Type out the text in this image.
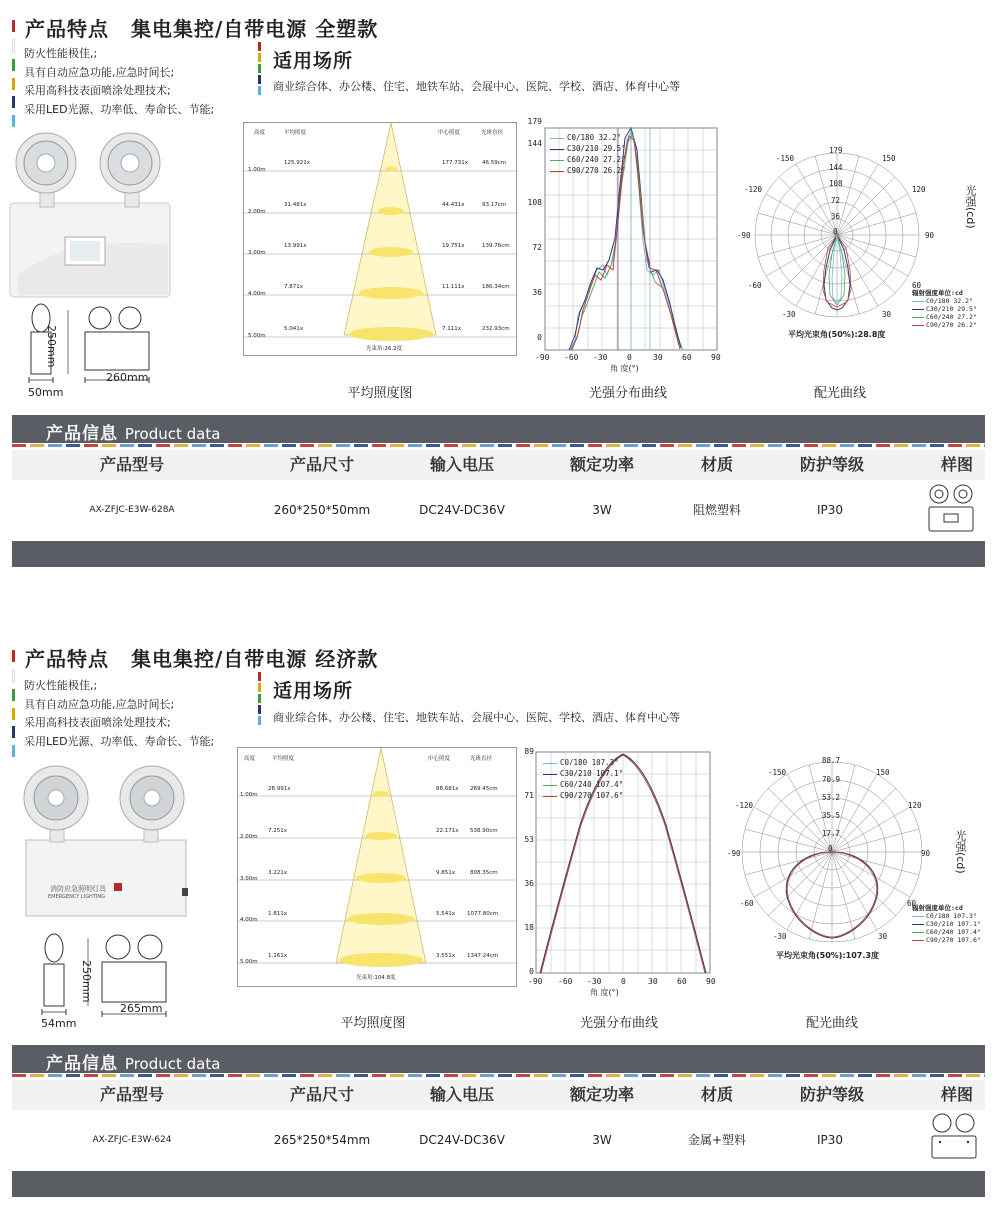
产品特点 集电集控/自带电源 全塑款
防火性能极佳,;
具有自动应急功能,应急时间长;
采用高科技表面喷涂处理技术;
采用LED光源、功率低、寿命长、节能;
适用场所
商业综合体、办公楼、住宅、地铁车站、会展中心、医院、学校、酒店、体育中心等
250mm
260mm
50mm
高度	平均照度	中心照度	光斑直径
1.00m
125.921x	177.731x	46.59cm
2.00m
31.481x	44.431x	93.17cm
3.00m
13.991x	19.751x	139.76cm
4.00m
7.871x	11.111x	186.34cm
5.00m
5.041x	7.111x	232.93cm
光束角:26.2度
平均照度图
179
144
108
72
36
0
-90 -60 -30 0	30 60 90
角 度(°)
C0/180 32.2°
C30/210 29.5°
C60/240 27.2°
C90/270 26.2°
光强分布曲线
179
144
108
72
36
0
-150	150
-120	120
-90	90
-60	60
-30	30
光强(cd)
辐射强度单位:cd
C0/180 32.2°
C30/210 29.5°
C60/240 27.2°
C90/270 26.2°
平均光束角(50%):28.8度
配光曲线
产品信息 Product data
产品型号	产品尺寸	输入电压	额定功率	材质	防护等级	样图
AX-ZFJC-E3W-628A	260*250*50mm	DC24V-DC36V	3W	阻燃塑料	IP30
产品特点 集电集控/自带电源 经济款
防火性能极佳,;
具有自动应急功能,应急时间长;
采用高科技表面喷涂处理技术;
采用LED光源、功率低、寿命长、节能;
适用场所
商业综合体、办公楼、住宅、地铁车站、会展中心、医院、学校、酒店、体育中心等
消防应急照明灯具
EMERGENCY LIGHTING
250mm
265mm
54mm
高度	平均照度	中心照度	光斑直径
1.00m
28.991x	88.681x 269.45cm
2.00m
7.251x	22.171x 538.90cm
3.00m
3.221x	9.851x	808.35cm
4.00m
1.811x	5.541x 1077.80cm
5.00m
1.161x	3.551x 1347.24cm
光束角:104.8度
平均照度图
89
71
53
36
18
0
-90 -60 -30 0	30 60 90
角 度(°)
C0/180 107.3°
C30/210 107.1°
C60/240 107.4°
C90/270 107.6°
光强分布曲线
88.7
70.9
53.2
35.5
17.7
0
-150	150
-120	120
-90	90
-60	60
-30	30
光强(cd)
辐射强度单位:cd
C0/180 107.3°
C30/210 107.1°
C60/240 107.4°
C90/270 107.6°
平均光束角(50%):107.3度
配光曲线
产品信息 Product data
产品型号	产品尺寸	输入电压	额定功率	材质	防护等级	样图
AX-ZFJC-E3W-624	265*250*54mm	DC24V-DC36V	3W	金属+塑料	IP30
